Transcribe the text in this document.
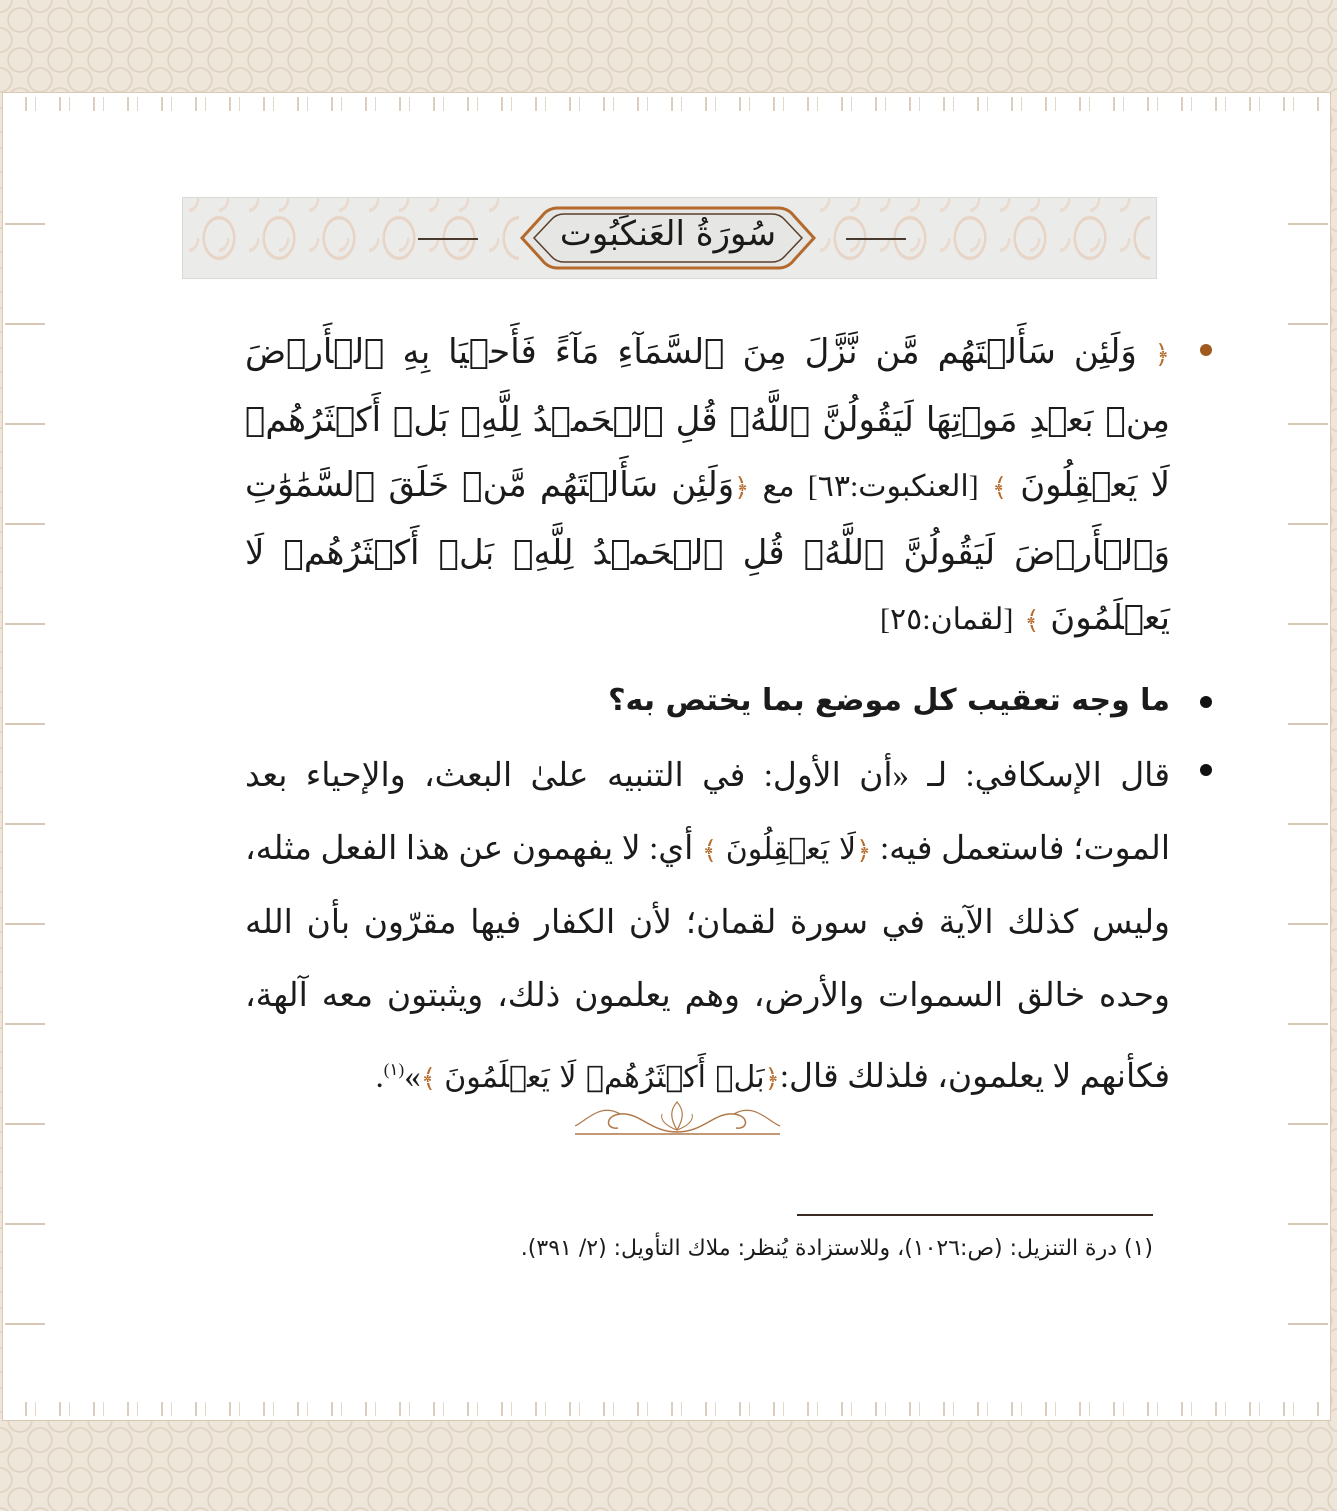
سُورَةُ العَنكَبُوت
﴿ وَلَئِن سَأَلۡتَهُم مَّن نَّزَّلَ مِنَ ٱلسَّمَآءِ مَآءً فَأَحۡيَا بِهِ ٱلۡأَرۡضَ مِنۢ بَعۡدِ مَوۡتِهَا لَيَقُولُنَّ ٱللَّهُۚ قُلِ ٱلۡحَمۡدُ لِلَّهِۚ بَلۡ أَكۡثَرُهُمۡ لَا يَعۡقِلُونَ ﴾ [العنكبوت:٦٣] مع ﴿وَلَئِن سَأَلۡتَهُم مَّنۡ خَلَقَ ٱلسَّمَٰوَٰتِ وَٱلۡأَرۡضَ لَيَقُولُنَّ ٱللَّهُۚ قُلِ ٱلۡحَمۡدُ لِلَّهِۚ بَلۡ أَكۡثَرُهُمۡ لَا يَعۡلَمُونَ ﴾ [لقمان:٢٥]
ما وجه تعقيب كل موضع بما يختص به؟
قال الإسكافي: لـ «أن الأول: في التنبيه علىٰ البعث، والإحياء بعد الموت؛ فاستعمل فيه: ﴿لَا يَعۡقِلُونَ ﴾ أي: لا يفهمون عن هذا الفعل مثله، وليس كذلك الآية في سورة لقمان؛ لأن الكفار فيها مقرّون بأن الله وحده خالق السموات والأرض، وهم يعلمون ذلك، ويثبتون معه آلهة، فكأنهم لا يعلمون، فلذلك قال:﴿بَلۡ أَكۡثَرُهُمۡ لَا يَعۡلَمُونَ ﴾»$^{(١)}$.
(١) درة التنزيل: (ص:١٠٢٦)، وللاستزادة يُنظر: ملاك التأويل: (٢/ ٣٩١).
